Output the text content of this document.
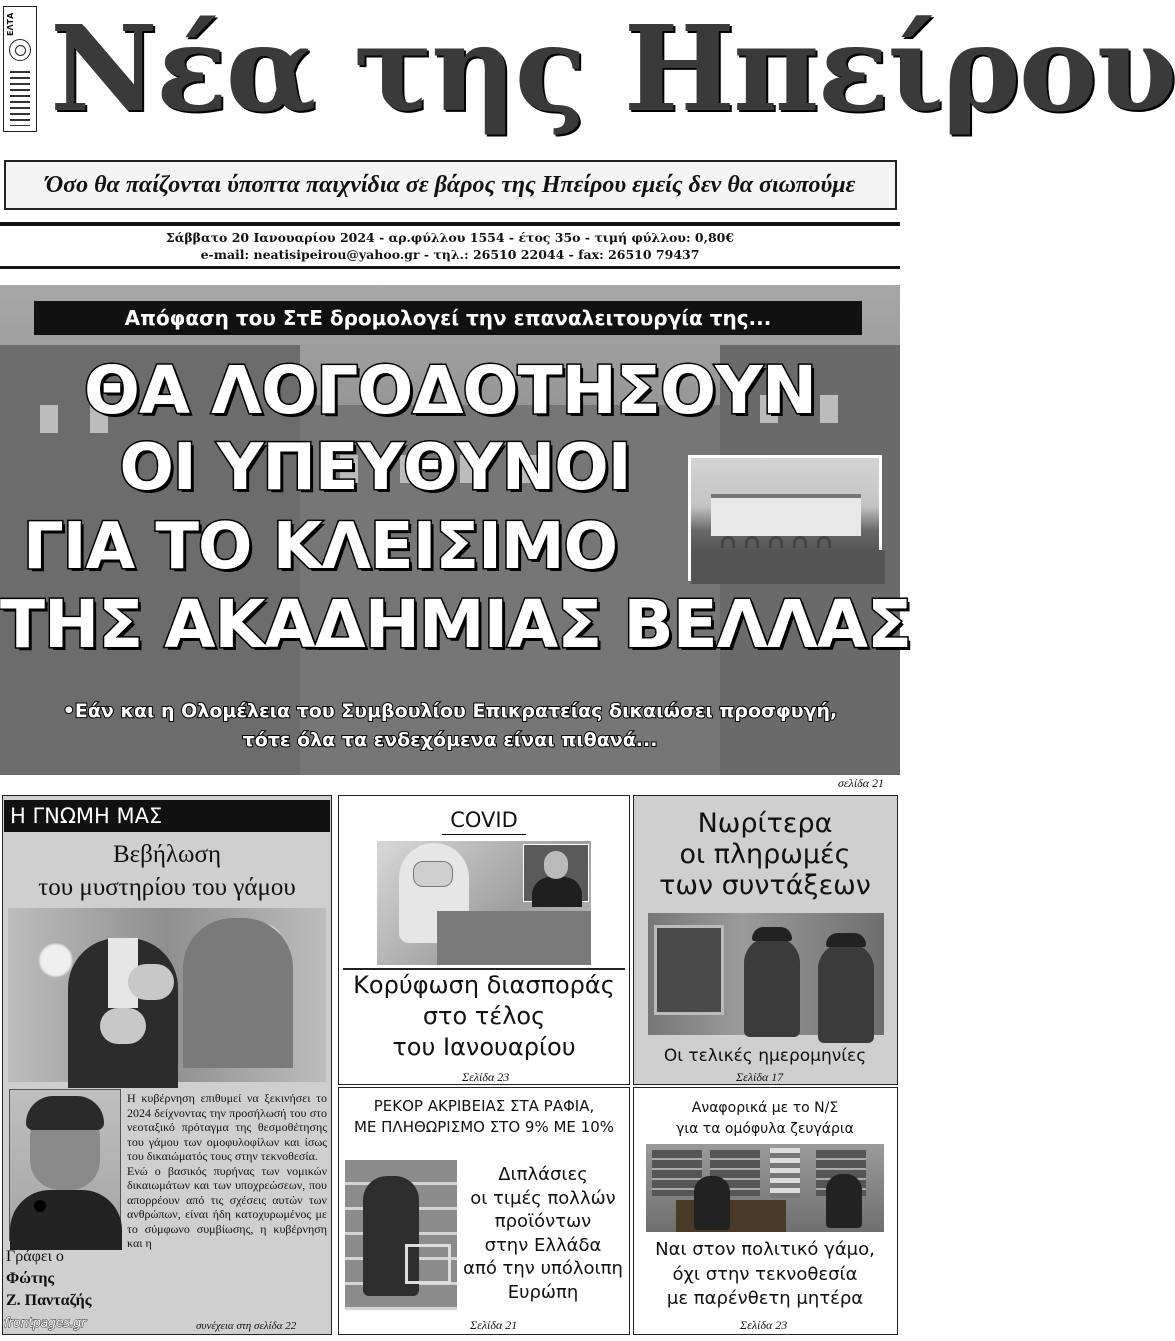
ΕΛΤΑ Νέα της Ηπείρου
Όσο θα παίζονται ύποπτα παιχνίδια σε βάρος της Ηπείρου εμείς δεν θα σιωπούμε
Σάββατο 20 Ιανουαρίου 2024 - αρ.φύλλου 1554 - έτος 35ο - τιμή φύλλου: 0,80€
e-mail: neatisipeirou@yahoo.gr - τηλ.: 26510 22044 - fax: 26510 79437
Απόφαση του ΣτΕ δρομολογεί την επαναλειτουργία της...
ΘΑ ΛΟΓΟΔΟΤΗΣΟΥΝ
ΟΙ ΥΠΕΥΘΥΝΟΙ
ΓΙΑ ΤΟ ΚΛΕΙΣΙΜΟ
ΤΗΣ ΑΚΑΔΗΜΙΑΣ ΒΕΛΛΑΣ
•Εάν και η Ολομέλεια του Συμβουλίου Επικρατείας δικαιώσει προσφυγή,
τότε όλα τα ενδεχόμενα είναι πιθανά...
σελίδα 21
Η ΓΝΩΜΗ ΜΑΣ
Βεβήλωση
του μυστηρίου του γάμου
Γράφει ο
Φώτης
Ζ. Πανταζής

Η κυβέρνηση επιθυμεί να ξεκινήσει το 2024 δείχνοντας την προσήλωσή του στο νεοταξικό πρόταγμα της θεσμοθέτησης του γάμου των ομοφυλοφίλων και ίσως του δικαιώματός τους στην τεκνοθεσία.

Ενώ ο βασικός πυρήνας των νομικών δικαιωμάτων και των υποχρεώσεων, που απορρέουν από τις σχέσεις αυτών των ανθρώπων, είναι ήδη κατοχυρωμένος με το σύμφωνο συμβίωσης, η κυβέρνηση και η

συνέχεια στη σελίδα 22
frontpages.gr
COVID
Κορύφωση διασποράς
στο τέλος
του Ιανουαρίου
Σελίδα 23
Νωρίτερα
οι πληρωμές
των συντάξεων
Οι τελικές ημερομηνίες
Σελίδα 17
ΡΕΚΟΡ ΑΚΡΙΒΕΙΑΣ ΣΤΑ ΡΑΦΙΑ,
ΜΕ ΠΛΗΘΩΡΙΣΜΟ ΣΤΟ 9% ΜΕ 10%
Διπλάσιες
οι τιμές πολλών
προϊόντων
στην Ελλάδα
από την υπόλοιπη
Ευρώπη
Σελίδα 21
Αναφορικά με το Ν/Σ
για τα ομόφυλα ζευγάρια
Ναι στον πολιτικό γάμο,
όχι στην τεκνοθεσία
με παρένθετη μητέρα
Σελίδα 23
